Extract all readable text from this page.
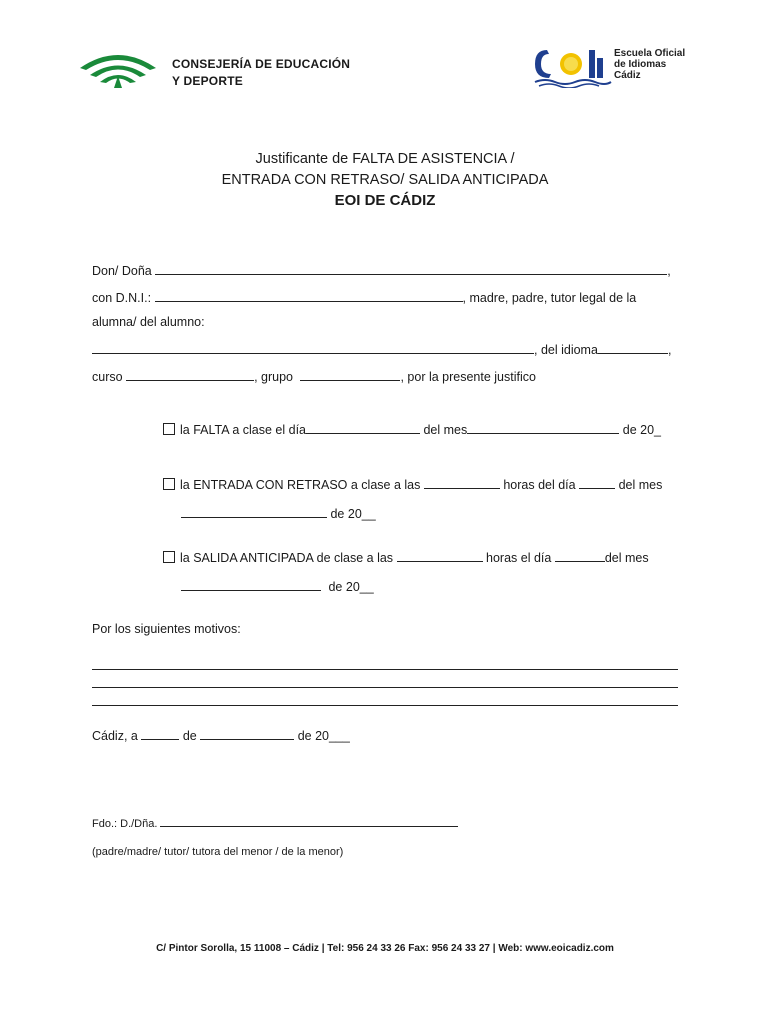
CONSEJERÍA DE EDUCACIÓN
Y DEPORTE
Escuela Oficial
de Idiomas
Cádiz
Justificante de FALTA DE ASISTENCIA /
ENTRADA CON RETRASO/ SALIDA ANTICIPADA
EOI DE CÁDIZ
Don/ Doña	,
con D.N.I.:	, madre, padre, tutor legal de la
alumna/ del alumno:
, del idioma	,
curso	, grupo	, por la presente justifico
la FALTA a clase el día	del mes	de 20_
la ENTRADA CON RETRASO a clase a las	horas del día	del mes
de 20__
la SALIDA ANTICIPADA de clase a las	horas el día	del mes
de 20__
Por los siguientes motivos:
Cádiz, a	de	de 20___
Fdo.: D./Dña.
(padre/madre/ tutor/ tutora del menor / de la menor)
C/ Pintor Sorolla, 15 11008 – Cádiz | Tel: 956 24 33 26 Fax: 956 24 33 27 | Web: www.eoicadiz.com
